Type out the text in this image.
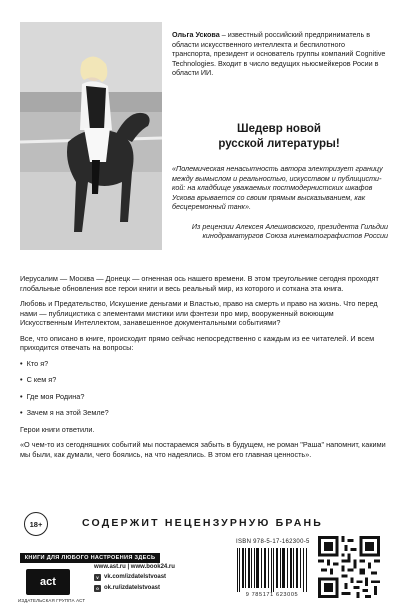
Ольга Ускова – известный российский предприниматель в области искусственного интеллекта и беспилотного транспорта, президент и основатель группы компаний Cognitive Technologies. Входит в число ведущих ньюсмейкеров Росии в области ИИ.
Шедевр новой
русской литературы!
«Полемическая ненасытность автора электризует границу между вымыслом и реальностью, искусством и публицистикой: на кладбище уважаемых постмодернистских шкафов Ускова врывается со своим прямым высказыванием, как бесцеремонный танк».
Из рецензии Алексея Алешковского, президента Гильдии кинодраматургов Союза кинематографистов России

Иерусалим — Москва — Донецк — огненная ось нашего времени. В этом треугольнике сегодня проходят глобальные обновления все герои книги и весь реальный мир, из которого и соткана эта книга.

Любовь и Предательство, Искушение деньгами и Властью, право на смерть и право на жизнь. Что перед нами — публицистика с элементами мистики или фэнтези про мир, вооруженный воюющим Искусственным Интеллектом, занавешенное документальными событиями?

Все, что описано в книге, происходит прямо сейчас непосредственно с каждым из ее читателей. И всем приходится отвечать на вопросы:

• Кто я?
• С кем я?
• Где моя Родина?
• Зачем я на этой Земле?

Герои книги ответили.

«О чем-то из сегодняшних событий мы постараемся забыть в будущем, не роман "Раша" напомнит, какими мы были, как думали, чего боялись, на что надеялись. В этом его главная ценность».

18+	СОДЕРЖИТ НЕЦЕНЗУРНУЮ БРАНЬ
КНИГИ ДЛЯ ЛЮБОГО НАСТРОЕНИЯ ЗДЕСЬ
act
ИЗДАТЕЛЬСКАЯ ГРУППА АСТ
www.ast.ru | www.book24.ru
v vk.com/izdatelstvoast
o ok.ru/izdatelstvoast
ISBN 978-5-17-162300-5
9 785171 623005
